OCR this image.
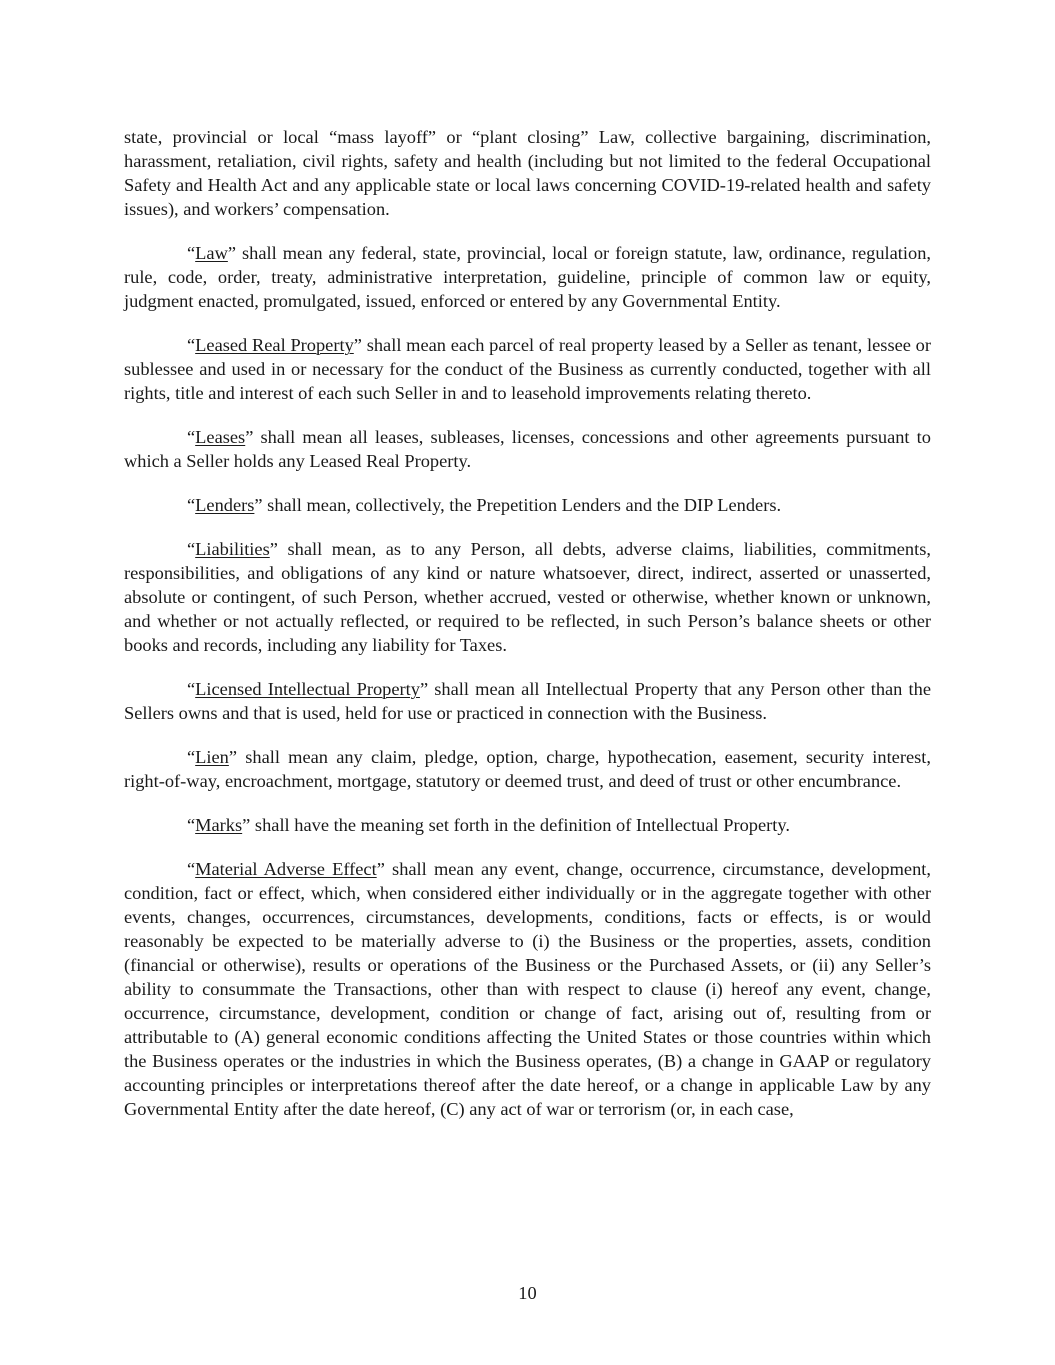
state, provincial or local “mass layoff” or “plant closing” Law, collective bargaining, discrimination, harassment, retaliation, civil rights, safety and health (including but not limited to the federal Occupational Safety and Health Act and any applicable state or local laws concerning COVID-19-related health and safety issues), and workers’ compensation.

“Law” shall mean any federal, state, provincial, local or foreign statute, law, ordinance, regulation, rule, code, order, treaty, administrative interpretation, guideline, principle of common law or equity, judgment enacted, promulgated, issued, enforced or entered by any Governmental Entity.

“Leased Real Property” shall mean each parcel of real property leased by a Seller as tenant, lessee or sublessee and used in or necessary for the conduct of the Business as currently conducted, together with all rights, title and interest of each such Seller in and to leasehold improvements relating thereto.

“Leases” shall mean all leases, subleases, licenses, concessions and other agreements pursuant to which a Seller holds any Leased Real Property.

“Lenders” shall mean, collectively, the Prepetition Lenders and the DIP Lenders.

“Liabilities” shall mean, as to any Person, all debts, adverse claims, liabilities, commitments, responsibilities, and obligations of any kind or nature whatsoever, direct, indirect, asserted or unasserted, absolute or contingent, of such Person, whether accrued, vested or otherwise, whether known or unknown, and whether or not actually reflected, or required to be reflected, in such Person’s balance sheets or other books and records, including any liability for Taxes.

“Licensed Intellectual Property” shall mean all Intellectual Property that any Person other than the Sellers owns and that is used, held for use or practiced in connection with the Business.

“Lien” shall mean any claim, pledge, option, charge, hypothecation, easement, security interest, right-of-way, encroachment, mortgage, statutory or deemed trust, and deed of trust or other encumbrance.

“Marks” shall have the meaning set forth in the definition of Intellectual Property.

“Material Adverse Effect” shall mean any event, change, occurrence, circumstance, development, condition, fact or effect, which, when considered either individually or in the aggregate together with other events, changes, occurrences, circumstances, developments, conditions, facts or effects, is or would reasonably be expected to be materially adverse to (i) the Business or the properties, assets, condition (financial or otherwise), results or operations of the Business or the Purchased Assets, or (ii) any Seller’s ability to consummate the Transactions, other than with respect to clause (i) hereof any event, change, occurrence, circumstance, development, condition or change of fact, arising out of, resulting from or attributable to (A) general economic conditions affecting the United States or those countries within which the Business operates or the industries in which the Business operates, (B) a change in GAAP or regulatory accounting principles or interpretations thereof after the date hereof, or a change in applicable Law by any Governmental Entity after the date hereof, (C) any act of war or terrorism (or, in each case,

10
